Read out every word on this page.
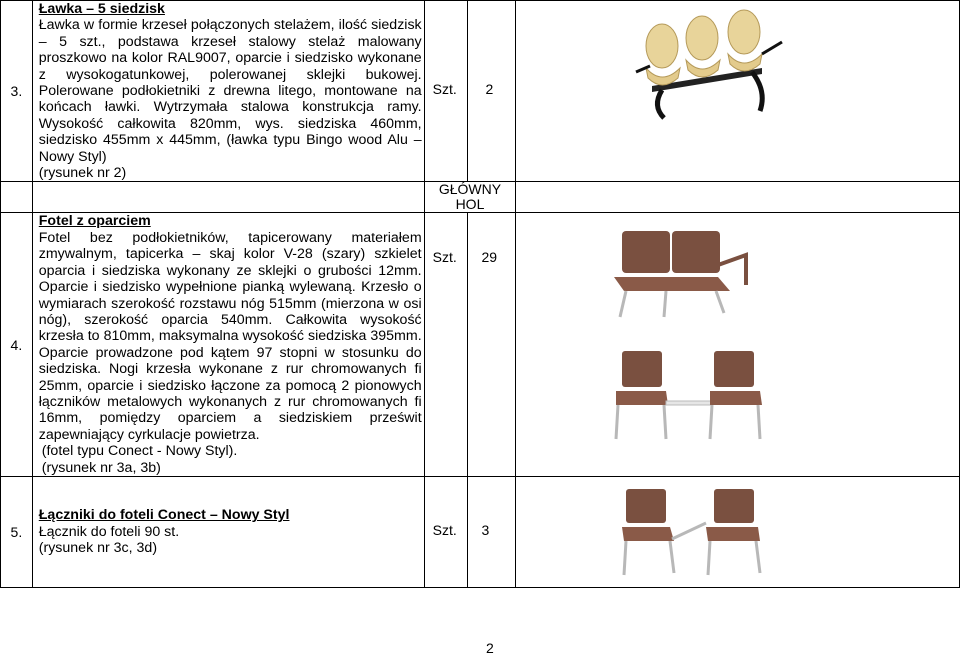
3.	Ławka – 5 siedzisk
Ławka w formie krzeseł połączonych stelażem, ilość siedzisk – 5 szt., podstawa krzeseł stalowy stelaż malowany proszkowo na kolor RAL9007, oparcie i siedzisko wykonane z wysokogatunkowej, polerowanej sklejki bukowej. Polerowane podłokietniki z drewna litego, montowane na końcach ławki. Wytrzymała stalowa konstrukcja ramy. Wysokość całkowita 820mm, wys. siedziska 460mm, siedzisko 455mm x 445mm, (ławka typu Bingo wood Alu – Nowy Styl)
(rysunek nr 2)	Szt.	2

		GŁÓWNY HOL		
4.	Fotel z oparciem
Fotel bez podłokietników, tapicerowany materiałem zmywalnym, tapicerka – skaj kolor V-28 (szary) szkielet oparcia i siedziska wykonany ze sklejki o grubości 12mm. Oparcie i siedzisko wypełnione pianką wylewaną. Krzesło o wymiarach szerokość rozstawu nóg 515mm (mierzona w osi nóg), szerokość oparcia 540mm. Całkowita wysokość krzesła to 810mm, maksymalna wysokość siedziska 395mm. Oparcie prowadzone pod kątem 97 stopni w stosunku do siedziska. Nogi krzesła wykonane z rur chromowanych fi 25mm, oparcie i siedzisko łączone za pomocą 2 pionowych łączników metalowych wykonanych z rur chromowanych fi 16mm, pomiędzy oparciem a siedziskiem prześwit zapewniający cyrkulacje powietrza.
(fotel typu Conect - Nowy Styl).
(rysunek nr 3a, 3b)	Szt.	29

5.	Łączniki do foteli Conect – Nowy Styl
Łącznik do foteli 90 st.
(rysunek nr 3c, 3d)	Szt.	3

2
